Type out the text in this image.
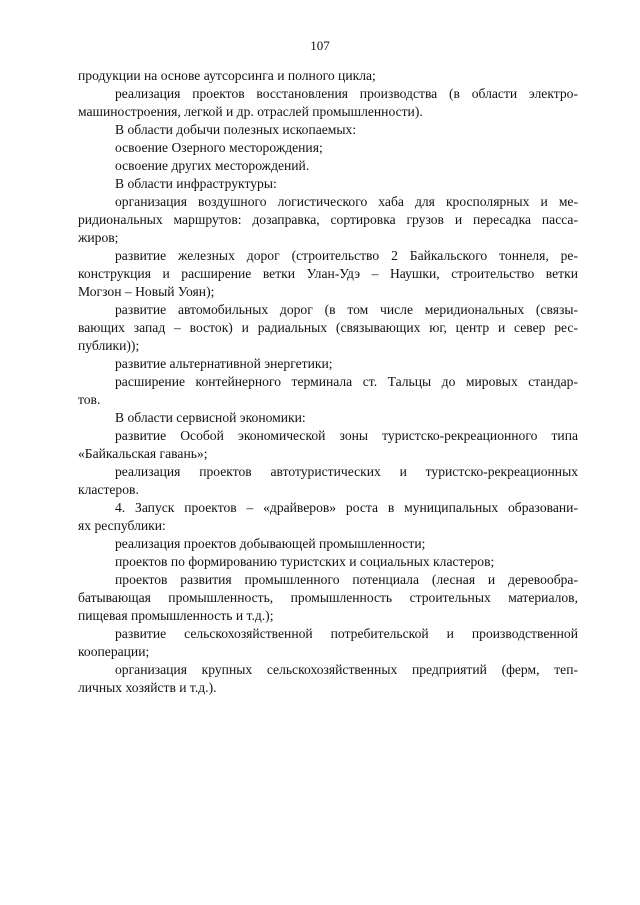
107
продукции на основе аутсорсинга и полного цикла;
реализация проектов восстановления производства (в области электро-
машиностроения, легкой и др. отраслей промышленности).
В области добычи полезных ископаемых:
освоение Озерного месторождения;
освоение других месторождений.
В области инфраструктуры:
организация воздушного логистического хаба для кросполярных и ме-
ридиональных маршрутов: дозаправка, сортировка грузов и пересадка пасса-
жиров;
развитие железных дорог (строительство 2 Байкальского тоннеля, ре-
конструкция и расширение ветки Улан-Удэ – Наушки, строительство ветки
Могзон – Новый Уоян);
развитие автомобильных дорог (в том числе меридиональных (связы-
вающих запад – восток) и радиальных (связывающих юг, центр и север рес-
публики));
развитие альтернативной энергетики;
расширение контейнерного терминала ст. Тальцы до мировых стандар-
тов.
В области сервисной экономики:
развитие Особой экономической зоны туристско-рекреационного типа
«Байкальская гавань»;
реализация проектов автотуристических и туристско-рекреационных
кластеров.
4. Запуск проектов – «драйверов» роста в муниципальных образовани-
ях республики:
реализация проектов добывающей промышленности;
проектов по формированию туристских и социальных кластеров;
проектов развития промышленного потенциала (лесная и деревообра-
батывающая промышленность, промышленность строительных материалов,
пищевая промышленность и т.д.);
развитие сельскохозяйственной потребительской и производственной
кооперации;
организация крупных сельскохозяйственных предприятий (ферм, теп-
личных хозяйств и т.д.).
